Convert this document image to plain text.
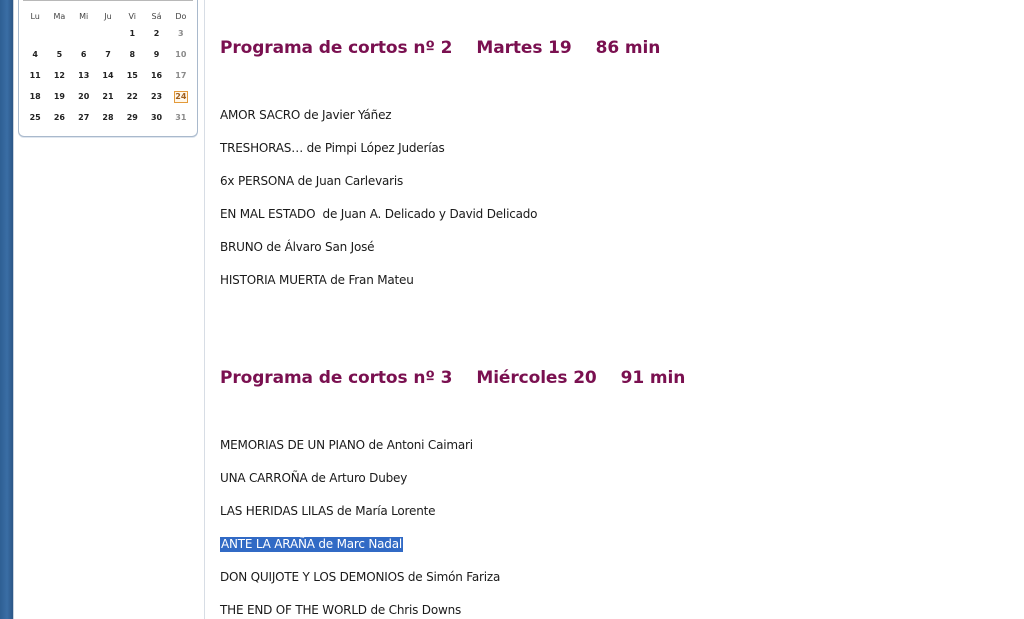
Lu	Ma	Mi	Ju	Vi	Sá	Do
				1	2	3
4	5	6	7	8	9	10
11	12	13	14	15	16	17
18	19	20	21	22	23	24
25	26	27	28	29	30	31
Programa de cortos nº 2 Martes 19 86 min

AMOR SACRO de Javier Yáñez

TRESHORAS… de Pimpi López Juderías

6x PERSONA de Juan Carlevaris

EN MAL ESTADO  de Juan A. Delicado y David Delicado

BRUNO de Álvaro San José

HISTORIA MUERTA de Fran Mateu

Programa de cortos nº 3 Miércoles 20 91 min

MEMORIAS DE UN PIANO de Antoni Caimari

UNA CARROÑA de Arturo Dubey

LAS HERIDAS LILAS de María Lorente

ANTE LA ARAÑA de Marc Nadal

DON QUIJOTE Y LOS DEMONIOS de Simón Fariza

THE END OF THE WORLD de Chris Downs
